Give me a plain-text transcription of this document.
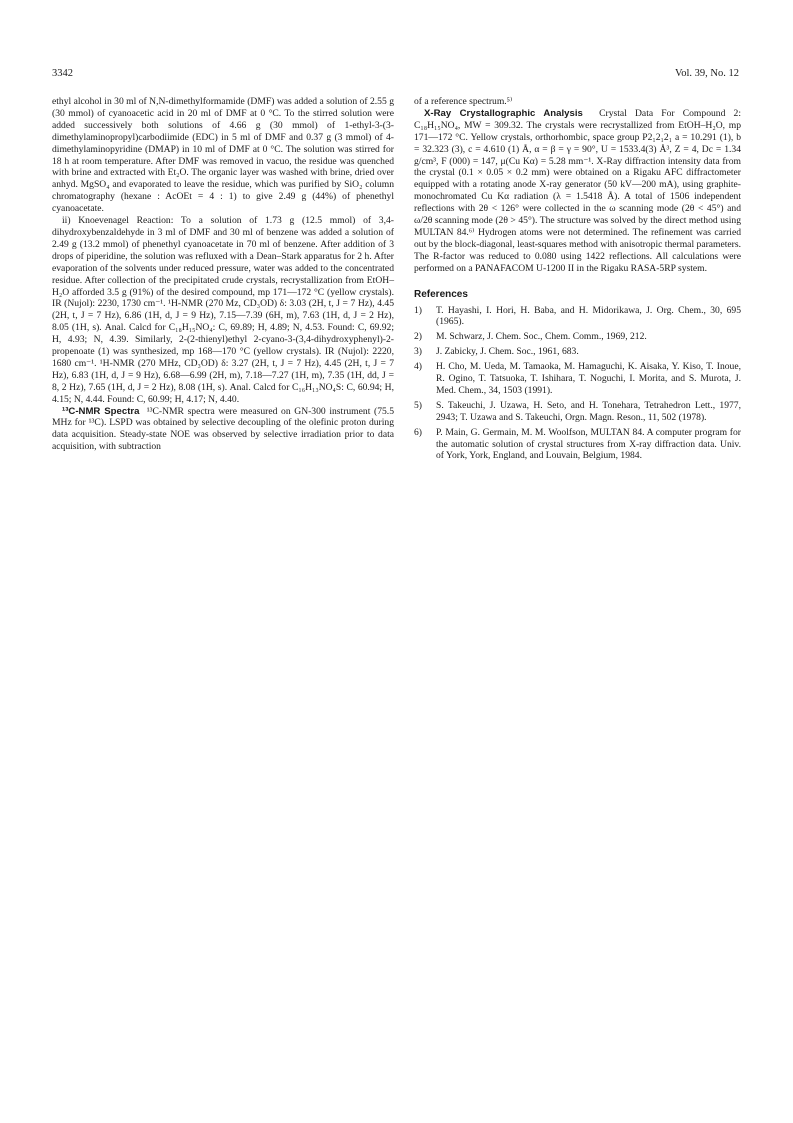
3342	Vol. 39, No. 12

ethyl alcohol in 30 ml of N,N-dimethylformamide (DMF) was added a solution of 2.55 g (30 mmol) of cyanoacetic acid in 20 ml of DMF at 0 °C. To the stirred solution were added successively both solutions of 4.66 g (30 mmol) of 1-ethyl-3-(3-dimethylaminopropyl)carbodiimide (EDC) in 5 ml of DMF and 0.37 g (3 mmol) of 4-dimethylaminopyridine (DMAP) in 10 ml of DMF at 0 °C. The solution was stirred for 18 h at room temperature. After DMF was removed in vacuo, the residue was quenched with brine and extracted with Et₂O. The organic layer was washed with brine, dried over anhyd. MgSO₄ and evaporated to leave the residue, which was purified by SiO₂ column chromatography (hexane : AcOEt = 4 : 1) to give 2.49 g (44%) of phenethyl cyanoacetate.

ii) Knoevenagel Reaction: To a solution of 1.73 g (12.5 mmol) of 3,4-dihydroxybenzaldehyde in 3 ml of DMF and 30 ml of benzene was added a solution of 2.49 g (13.2 mmol) of phenethyl cyanoacetate in 70 ml of benzene. After addition of 3 drops of piperidine, the solution was refluxed with a Dean–Stark apparatus for 2 h. After evaporation of the solvents under reduced pressure, water was added to the concentrated residue. After collection of the precipitated crude crystals, recrystallization from EtOH–H₂O afforded 3.5 g (91%) of the desired compound, mp 171—172 °C (yellow crystals). IR (Nujol): 2230, 1730 cm⁻¹. ¹H-NMR (270 Mz, CD₃OD) δ: 3.03 (2H, t, J = 7 Hz), 4.45 (2H, t, J = 7 Hz), 6.86 (1H, d, J = 9 Hz), 7.15—7.39 (6H, m), 7.63 (1H, d, J = 2 Hz), 8.05 (1H, s). Anal. Calcd for C₁₈H₁₅NO₄: C, 69.89; H, 4.89; N, 4.53. Found: C, 69.92; H, 4.93; N, 4.39. Similarly, 2-(2-thienyl)ethyl 2-cyano-3-(3,4-dihydroxyphenyl)-2-propenoate (1) was synthesized, mp 168—170 °C (yellow crystals). IR (Nujol): 2220, 1680 cm⁻¹. ¹H-NMR (270 MHz, CD₃OD) δ: 3.27 (2H, t, J = 7 Hz), 4.45 (2H, t, J = 7 Hz), 6.83 (1H, d, J = 9 Hz), 6.68—6.99 (2H, m), 7.18—7.27 (1H, m), 7.35 (1H, dd, J = 8, 2 Hz), 7.65 (1H, d, J = 2 Hz), 8.08 (1H, s). Anal. Calcd for C₁₆H₁₃NO₄S: C, 60.94; H, 4.15; N, 4.44. Found: C, 60.99; H, 4.17; N, 4.40.

¹³C-NMR Spectra ¹³C-NMR spectra were measured on GN-300 instrument (75.5 MHz for ¹³C). LSPD was obtained by selective decoupling of the olefinic proton during data acquisition. Steady-state NOE was observed by selective irradiation prior to data acquisition, with subtraction

of a reference spectrum.⁵⁾

X-Ray Crystallographic Analysis Crystal Data For Compound 2: C₁₈H₁₅NO₄, MW = 309.32. The crystals were recrystallized from EtOH–H₂O, mp 171—172 °C. Yellow crystals, orthorhombic, space group P2₁2₁2₁ a = 10.291 (1), b = 32.323 (3), c = 4.610 (1) Å, α = β = γ = 90°, U = 1533.4(3) Å³, Z = 4, Dc = 1.34 g/cm³, F (000) = 147, μ(Cu Kα) = 5.28 mm⁻¹. X-Ray diffraction intensity data from the crystal (0.1 × 0.05 × 0.2 mm) were obtained on a Rigaku AFC diffractometer equipped with a rotating anode X-ray generator (50 kV—200 mA), using graphite-monochromated Cu Kα radiation (λ = 1.5418 Å). A total of 1506 independent reflections with 2θ < 126° were collected in the ω scanning mode (2θ < 45°) and ω/2θ scanning mode (2θ > 45°). The structure was solved by the direct method using MULTAN 84.⁶⁾ Hydrogen atoms were not determined. The refinement was carried out by the block-diagonal, least-squares method with anisotropic thermal parameters. The R-factor was reduced to 0.080 using 1422 reflections. All calculations were performed on a PANAFACOM U-1200 II in the Rigaku RASA-5RP system.

References
1) T. Hayashi, I. Hori, H. Baba, and H. Midorikawa, J. Org. Chem., 30, 695 (1965).
2) M. Schwarz, J. Chem. Soc., Chem. Comm., 1969, 212.
3) J. Zabicky, J. Chem. Soc., 1961, 683.
4) H. Cho, M. Ueda, M. Tamaoka, M. Hamaguchi, K. Aisaka, Y. Kiso, T. Inoue, R. Ogino, T. Tatsuoka, T. Ishihara, T. Noguchi, I. Morita, and S. Murota, J. Med. Chem., 34, 1503 (1991).
5) S. Takeuchi, J. Uzawa, H. Seto, and H. Tonehara, Tetrahedron Lett., 1977, 2943; T. Uzawa and S. Takeuchi, Orgn. Magn. Reson., 11, 502 (1978).
6) P. Main, G. Germain, M. M. Woolfson, MULTAN 84. A computer program for the automatic solution of crystal structures from X-ray diffraction data. Univ. of York, York, England, and Louvain, Belgium, 1984.
